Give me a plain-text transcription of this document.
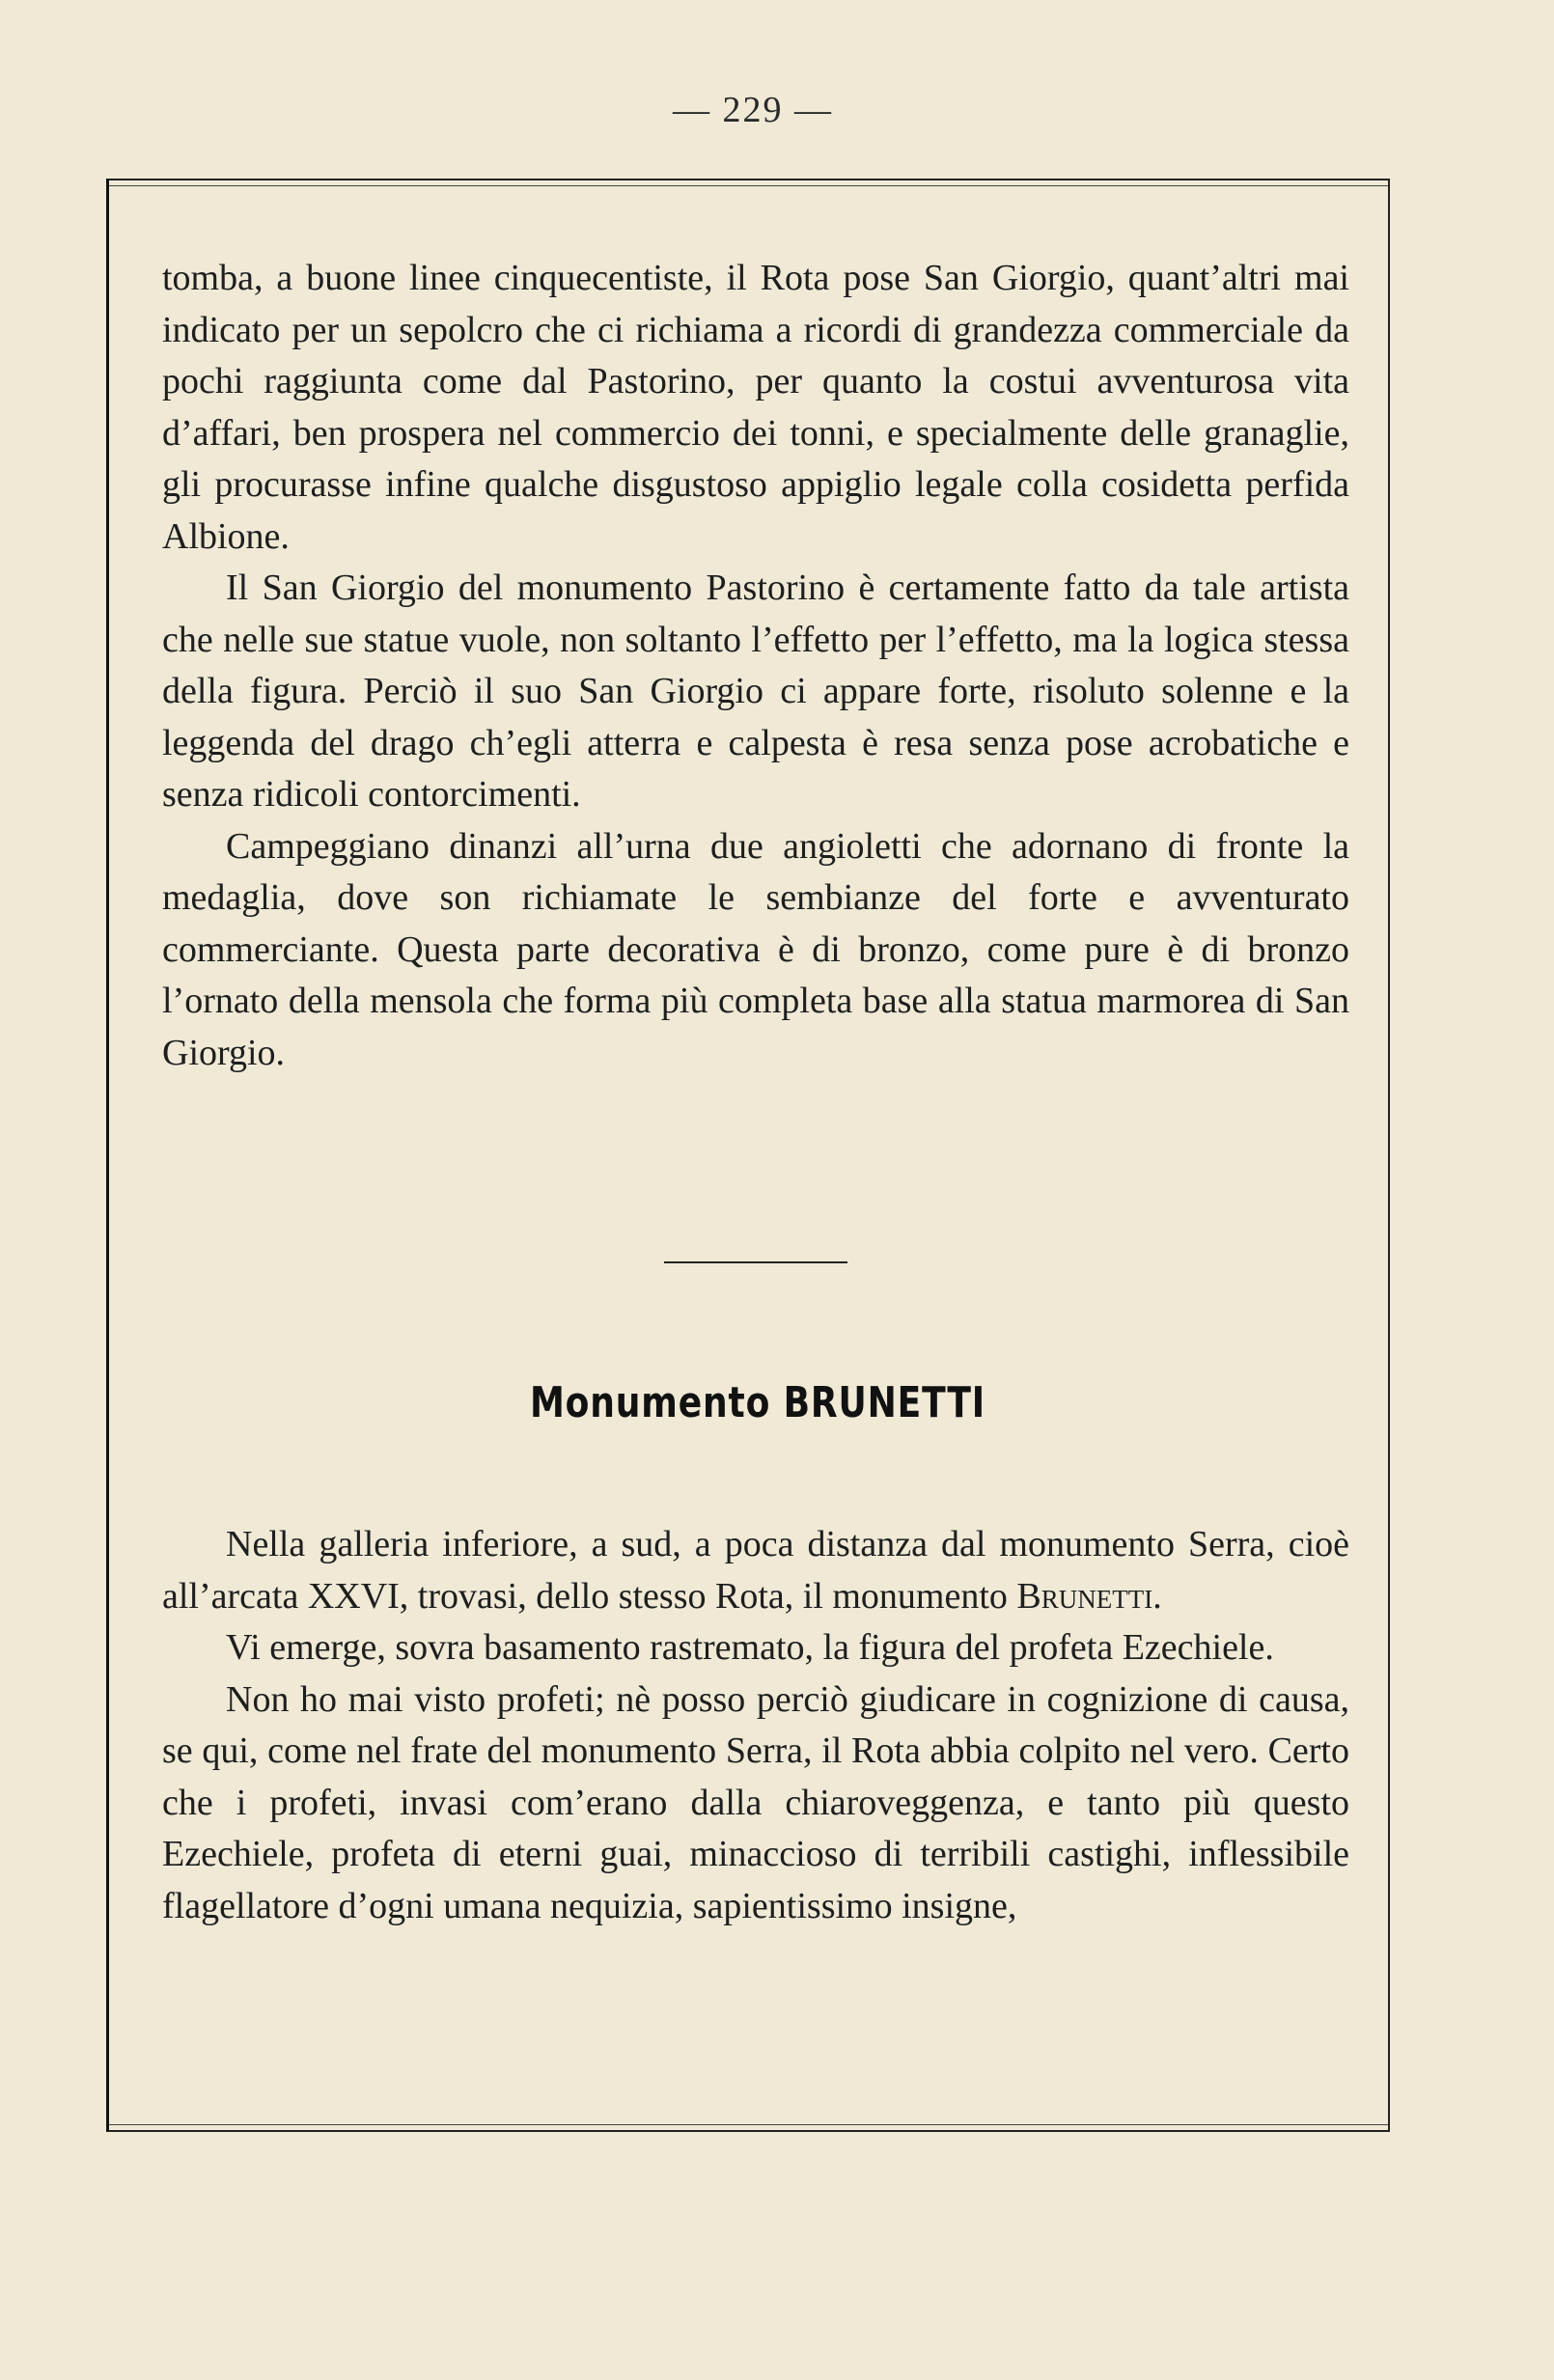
— 229 —

tomba, a buone linee cinquecentiste, il Rota pose San Giorgio, quant’altri mai indicato per un sepolcro che ci richiama a ricordi di grandezza commerciale da pochi raggiunta come dal Pastorino, per quanto la costui avventurosa vita d’affari, ben prospera nel commercio dei tonni, e specialmente delle granaglie, gli procurasse infine qualche disgustoso appiglio legale colla cosidetta perfida Albione.

Il San Giorgio del monumento Pastorino è certamente fatto da tale artista che nelle sue statue vuole, non soltanto l’effetto per l’effetto, ma la logica stessa della figura. Perciò il suo San Giorgio ci appare forte, risoluto solenne e la leggenda del drago ch’egli atterra e calpesta è resa senza pose acrobatiche e senza ridicoli contorcimenti.

Campeggiano dinanzi all’urna due angioletti che adornano di fronte la medaglia, dove son richiamate le sembianze del forte e avventurato commerciante. Questa parte decorativa è di bronzo, come pure è di bronzo l’ornato della mensola che forma più completa base alla statua marmorea di San Giorgio.

Monumento BRUNETTI

Nella galleria inferiore, a sud, a poca distanza dal monumento Serra, cioè all’arcata XXVI, trovasi, dello stesso Rota, il monumento Brunetti.

Vi emerge, sovra basamento rastremato, la figura del profeta Ezechiele.

Non ho mai visto profeti; nè posso perciò giudicare in cognizione di causa, se qui, come nel frate del monumento Serra, il Rota abbia colpito nel vero. Certo che i profeti, invasi com’erano dalla chiaroveggenza, e tanto più questo Ezechiele, profeta di eterni guai, minaccioso di terribili castighi, inflessibile flagellatore d’ogni umana nequizia, sapientissimo insigne,
